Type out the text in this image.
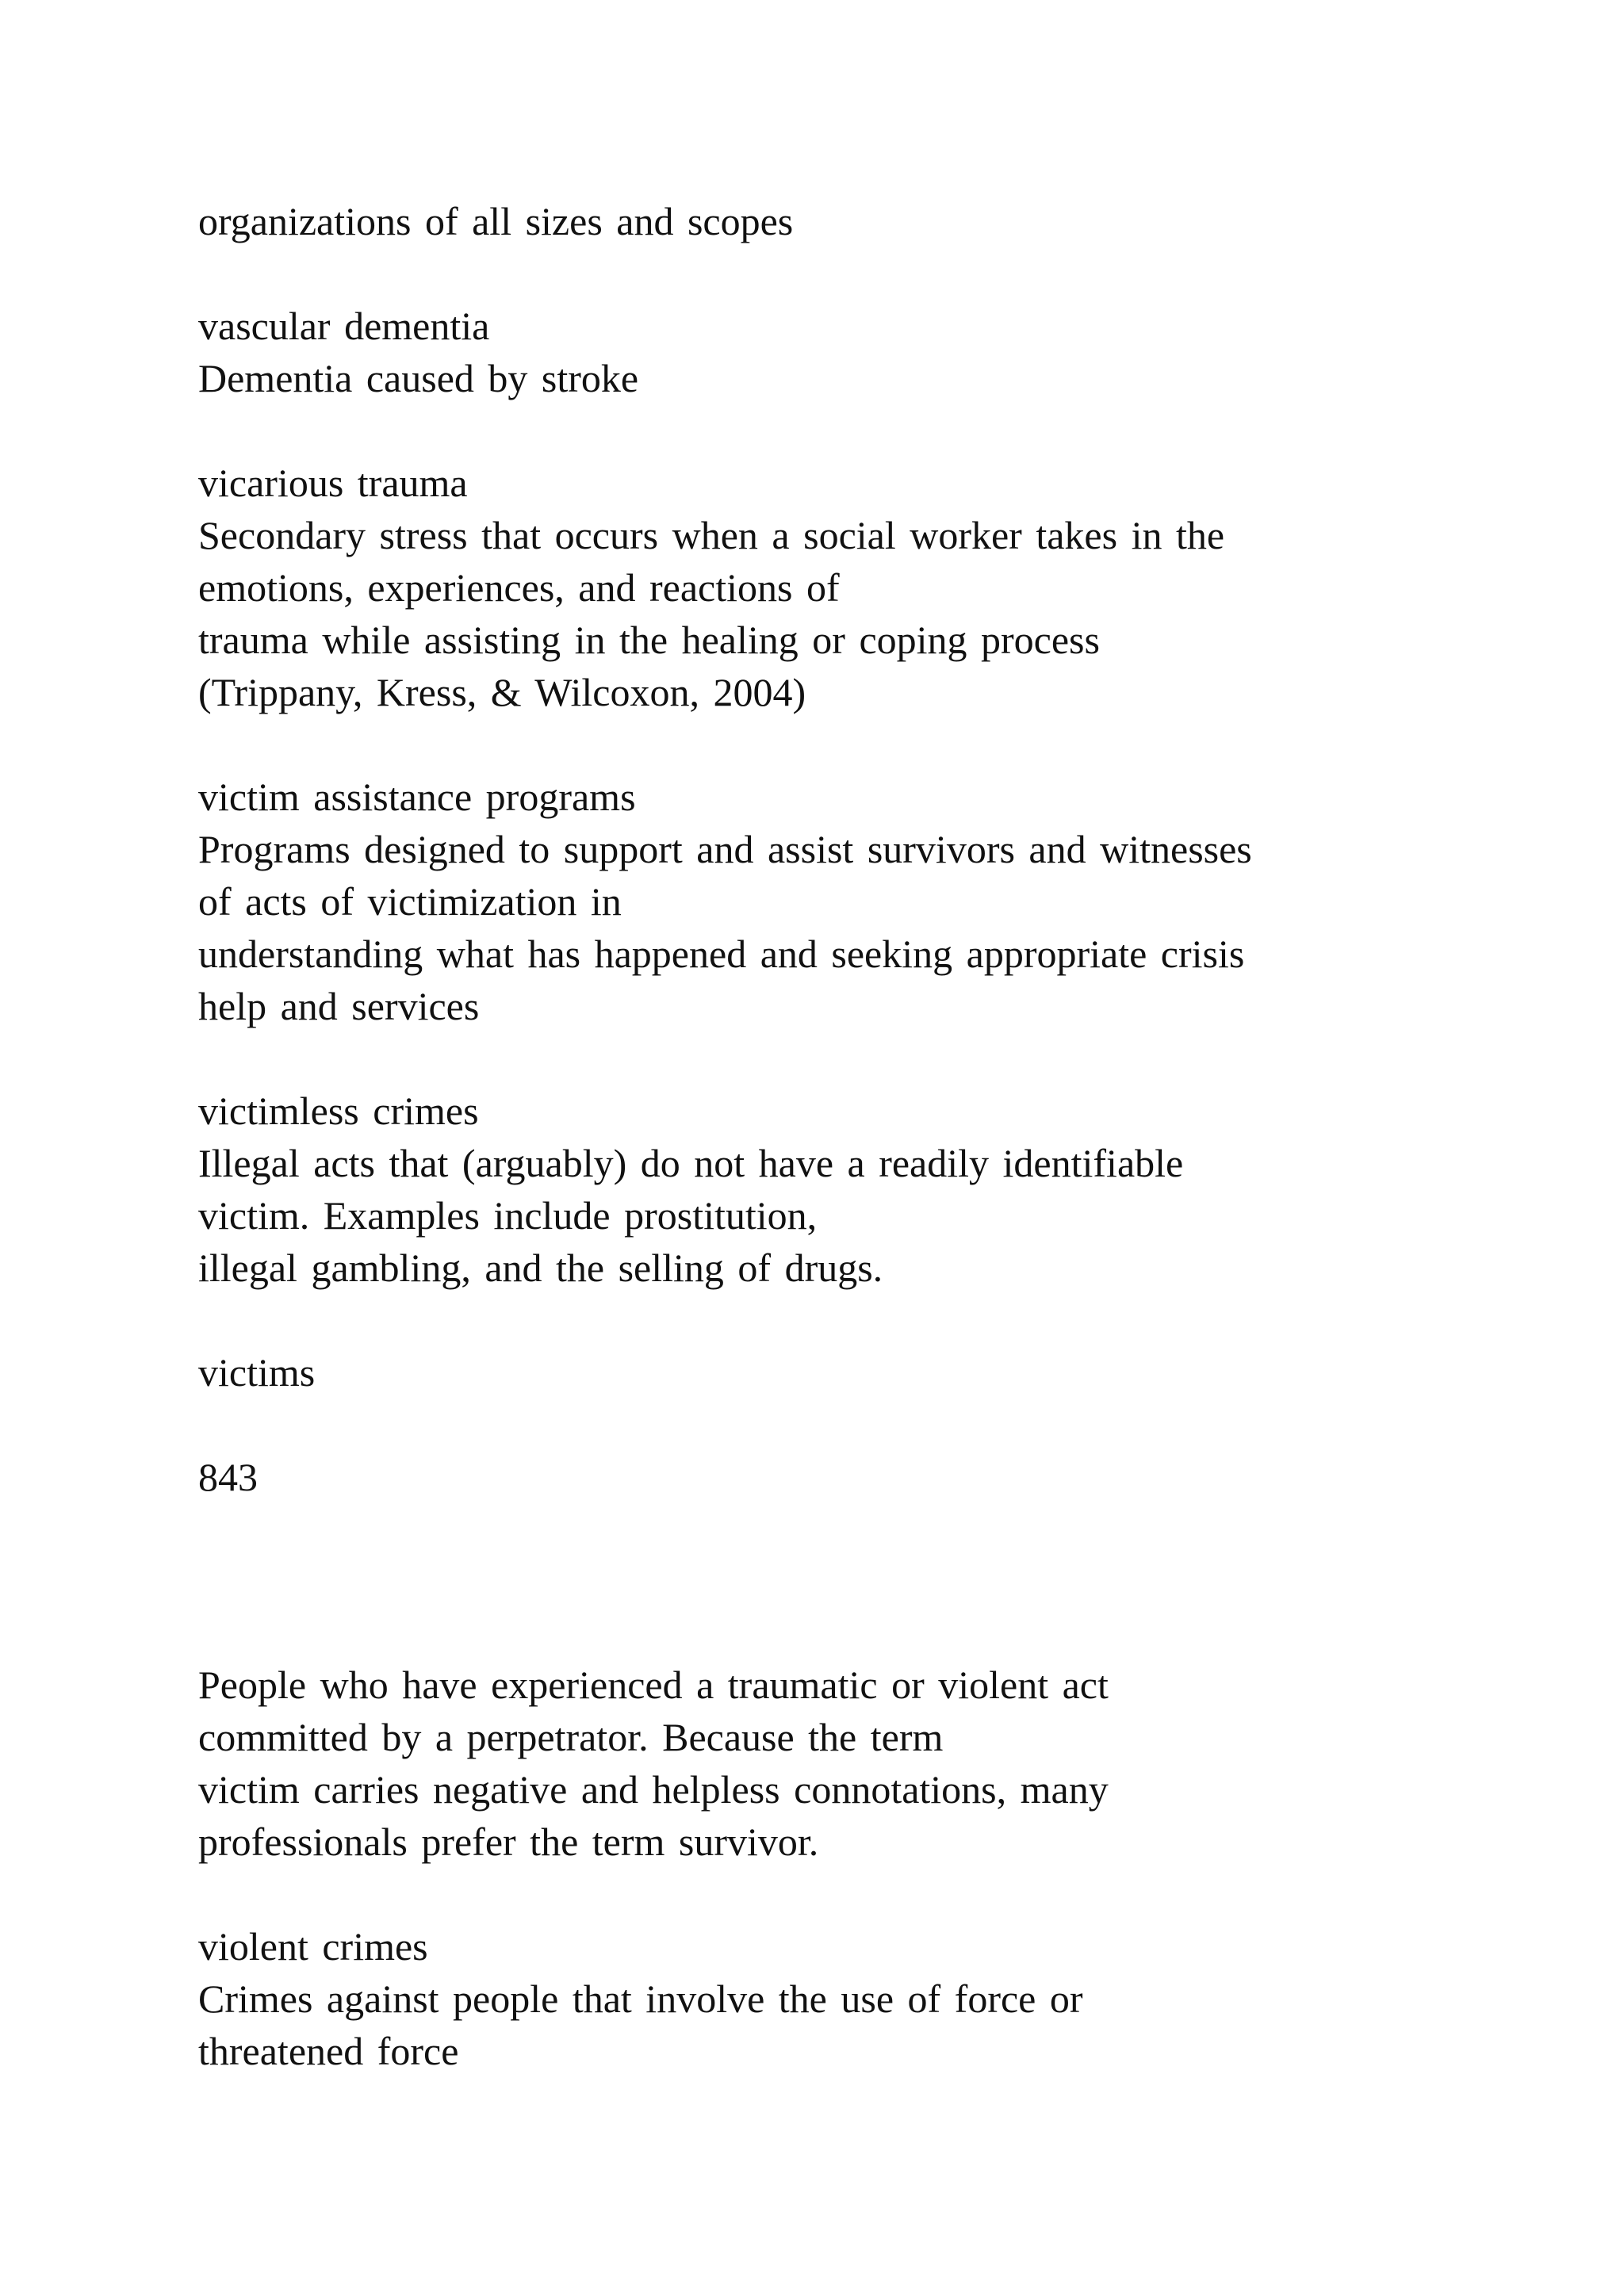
organizations of all sizes and scopes
vascular dementia
Dementia caused by stroke
vicarious trauma
Secondary stress that occurs when a social worker takes in the
emotions, experiences, and reactions of
trauma while assisting in the healing or coping process
(Trippany, Kress, & Wilcoxon, 2004)
victim assistance programs
Programs designed to support and assist survivors and witnesses
of acts of victimization in
understanding what has happened and seeking appropriate crisis
help and services
victimless crimes
Illegal acts that (arguably) do not have a readily identifiable
victim. Examples include prostitution,
illegal gambling, and the selling of drugs.
victims
843
People who have experienced a traumatic or violent act
committed by a perpetrator. Because the term
victim carries negative and helpless connotations, many
professionals prefer the term survivor.
violent crimes
Crimes against people that involve the use of force or
threatened force
